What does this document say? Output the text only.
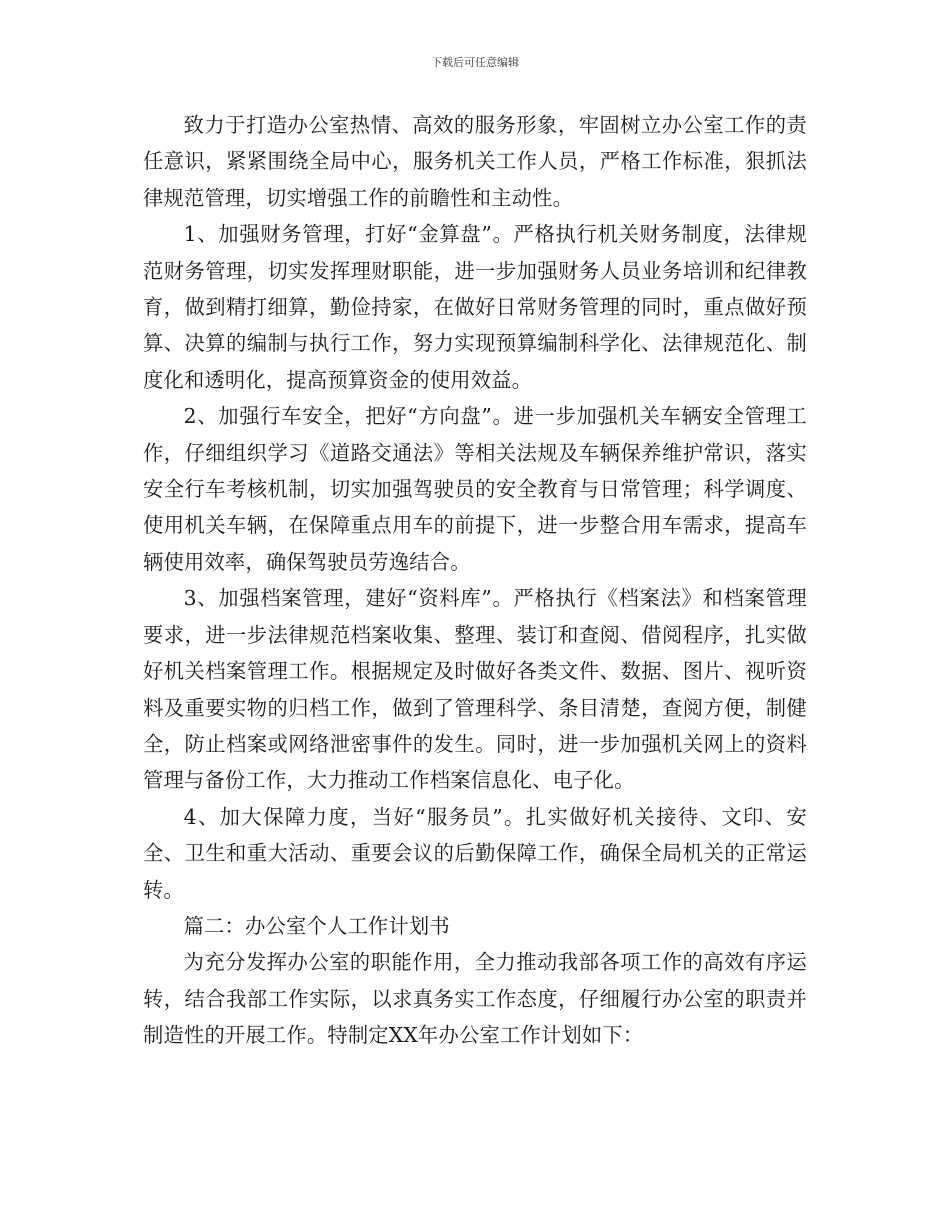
下载后可任意编辑

致力于打造办公室热情、高效的服务形象，牢固树立办公室工作的责任意识，紧紧围绕全局中心，服务机关工作人员，严格工作标准，狠抓法律规范管理，切实增强工作的前瞻性和主动性。

1、加强财务管理，打好“金算盘”。严格执行机关财务制度，法律规范财务管理，切实发挥理财职能，进一步加强财务人员业务培训和纪律教育，做到精打细算，勤俭持家，在做好日常财务管理的同时，重点做好预算、决算的编制与执行工作，努力实现预算编制科学化、法律规范化、制度化和透明化，提高预算资金的使用效益。

2、加强行车安全，把好“方向盘”。进一步加强机关车辆安全管理工作，仔细组织学习《道路交通法》等相关法规及车辆保养维护常识，落实安全行车考核机制，切实加强驾驶员的安全教育与日常管理；科学调度、使用机关车辆，在保障重点用车的前提下，进一步整合用车需求，提高车辆使用效率，确保驾驶员劳逸结合。

3、加强档案管理，建好“资料库”。严格执行《档案法》和档案管理要求，进一步法律规范档案收集、整理、装订和查阅、借阅程序，扎实做好机关档案管理工作。根据规定及时做好各类文件、数据、图片、视听资料及重要实物的归档工作，做到了管理科学、条目清楚，查阅方便，制健全，防止档案或网络泄密事件的发生。同时，进一步加强机关网上的资料管理与备份工作，大力推动工作档案信息化、电子化。

4、加大保障力度，当好“服务员”。扎实做好机关接待、文印、安全、卫生和重大活动、重要会议的后勤保障工作，确保全局机关的正常运转。

篇二：办公室个人工作计划书

为充分发挥办公室的职能作用，全力推动我部各项工作的高效有序运转，结合我部工作实际，以求真务实工作态度，仔细履行办公室的职责并制造性的开展工作。特制定XX年办公室工作计划如下：
